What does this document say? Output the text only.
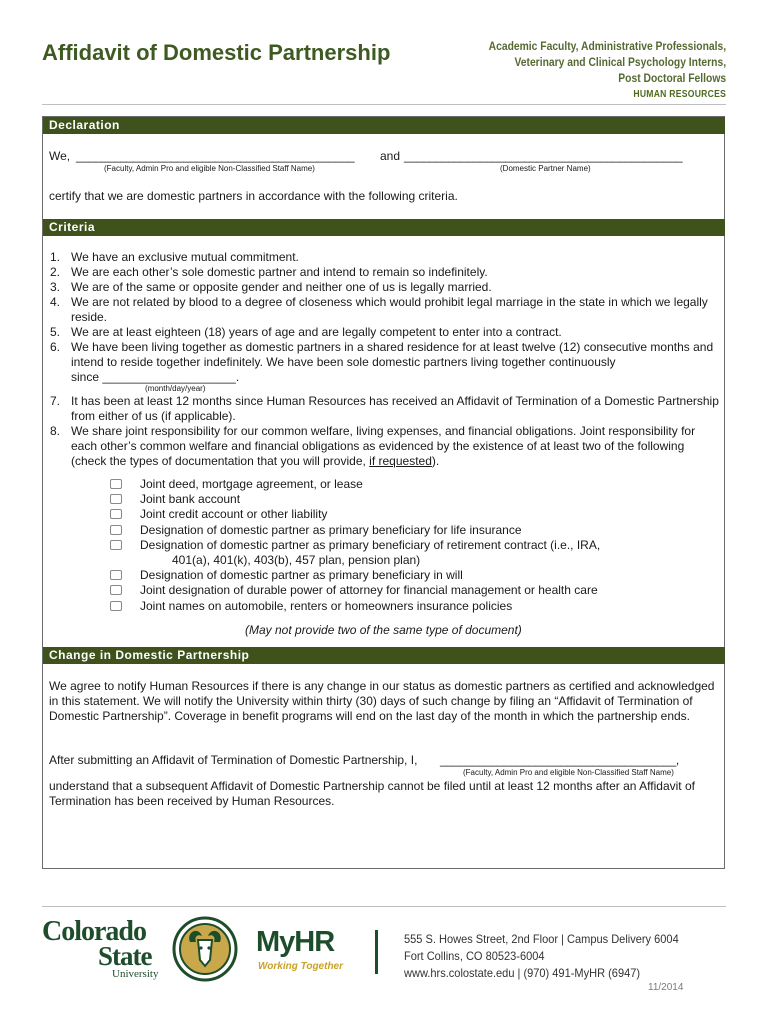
Affidavit of Domestic Partnership	Academic Faculty, Administrative Professionals,
Veterinary and Clinical Psychology Interns,
Post Doctoral Fellows
HUMAN RESOURCES
Declaration
We, ____________________________________________ and ____________________________________________
(Faculty, Admin Pro and eligible Non-Classified Staff Name)	(Domestic Partner Name)
certify that we are domestic partners in accordance with the following criteria.
Criteria
1. We have an exclusive mutual commitment.
2. We are each other’s sole domestic partner and intend to remain so indefinitely.
3. We are of the same or opposite gender and neither one of us is legally married.
4. We are not related by blood to a degree of closeness which would prohibit legal marriage in the state in which we legally reside.
5. We are at least eighteen (18) years of age and are legally competent to enter into a contract.
6. We have been living together as domestic partners in a shared residence for at least twelve (12) consecutive months and intend to reside together indefinitely. We have been sole domestic partners living together continuously
since ____________________.
(month/day/year)
7. It has been at least 12 months since Human Resources has received an Affidavit of Termination of a Domestic Partnership from either of us (if applicable).
8. We share joint responsibility for our common welfare, living expenses, and financial obligations. Joint responsibility for each other’s common welfare and financial obligations as evidenced by the existence of at least two of the following (check the types of documentation that you will provide, if requested).
Joint deed, mortgage agreement, or lease
Joint bank account
Joint credit account or other liability
Designation of domestic partner as primary beneficiary for life insurance
Designation of domestic partner as primary beneficiary of retirement contract (i.e., IRA,
401(a), 401(k), 403(b), 457 plan, pension plan)
Designation of domestic partner as primary beneficiary in will
Joint designation of durable power of attorney for financial management or health care
Joint names on automobile, renters or homeowners insurance policies
(May not provide two of the same type of document)
Change in Domestic Partnership
We agree to notify Human Resources if there is any change in our status as domestic partners as certified and acknowledged in this statement. We will notify the University within thirty (30) days of such change by filing an “Affidavit of Termination of Domestic Partnership”. Coverage in benefit programs will end on the last day of the month in which the partnership ends.
After submitting an Affidavit of Termination of Domestic Partnership, I, _____________________________________,
(Faculty, Admin Pro and eligible Non-Classified Staff Name)
understand that a subsequent Affidavit of Domestic Partnership cannot be filed until at least 12 months after an Affidavit of Termination has been received by Human Resources.
Colorado
State
University
MyHR
Working Together
555 S. Howes Street, 2nd Floor | Campus Delivery 6004
Fort Collins, CO 80523-6004
www.hrs.colostate.edu | (970) 491-MyHR (6947)
11/2014
